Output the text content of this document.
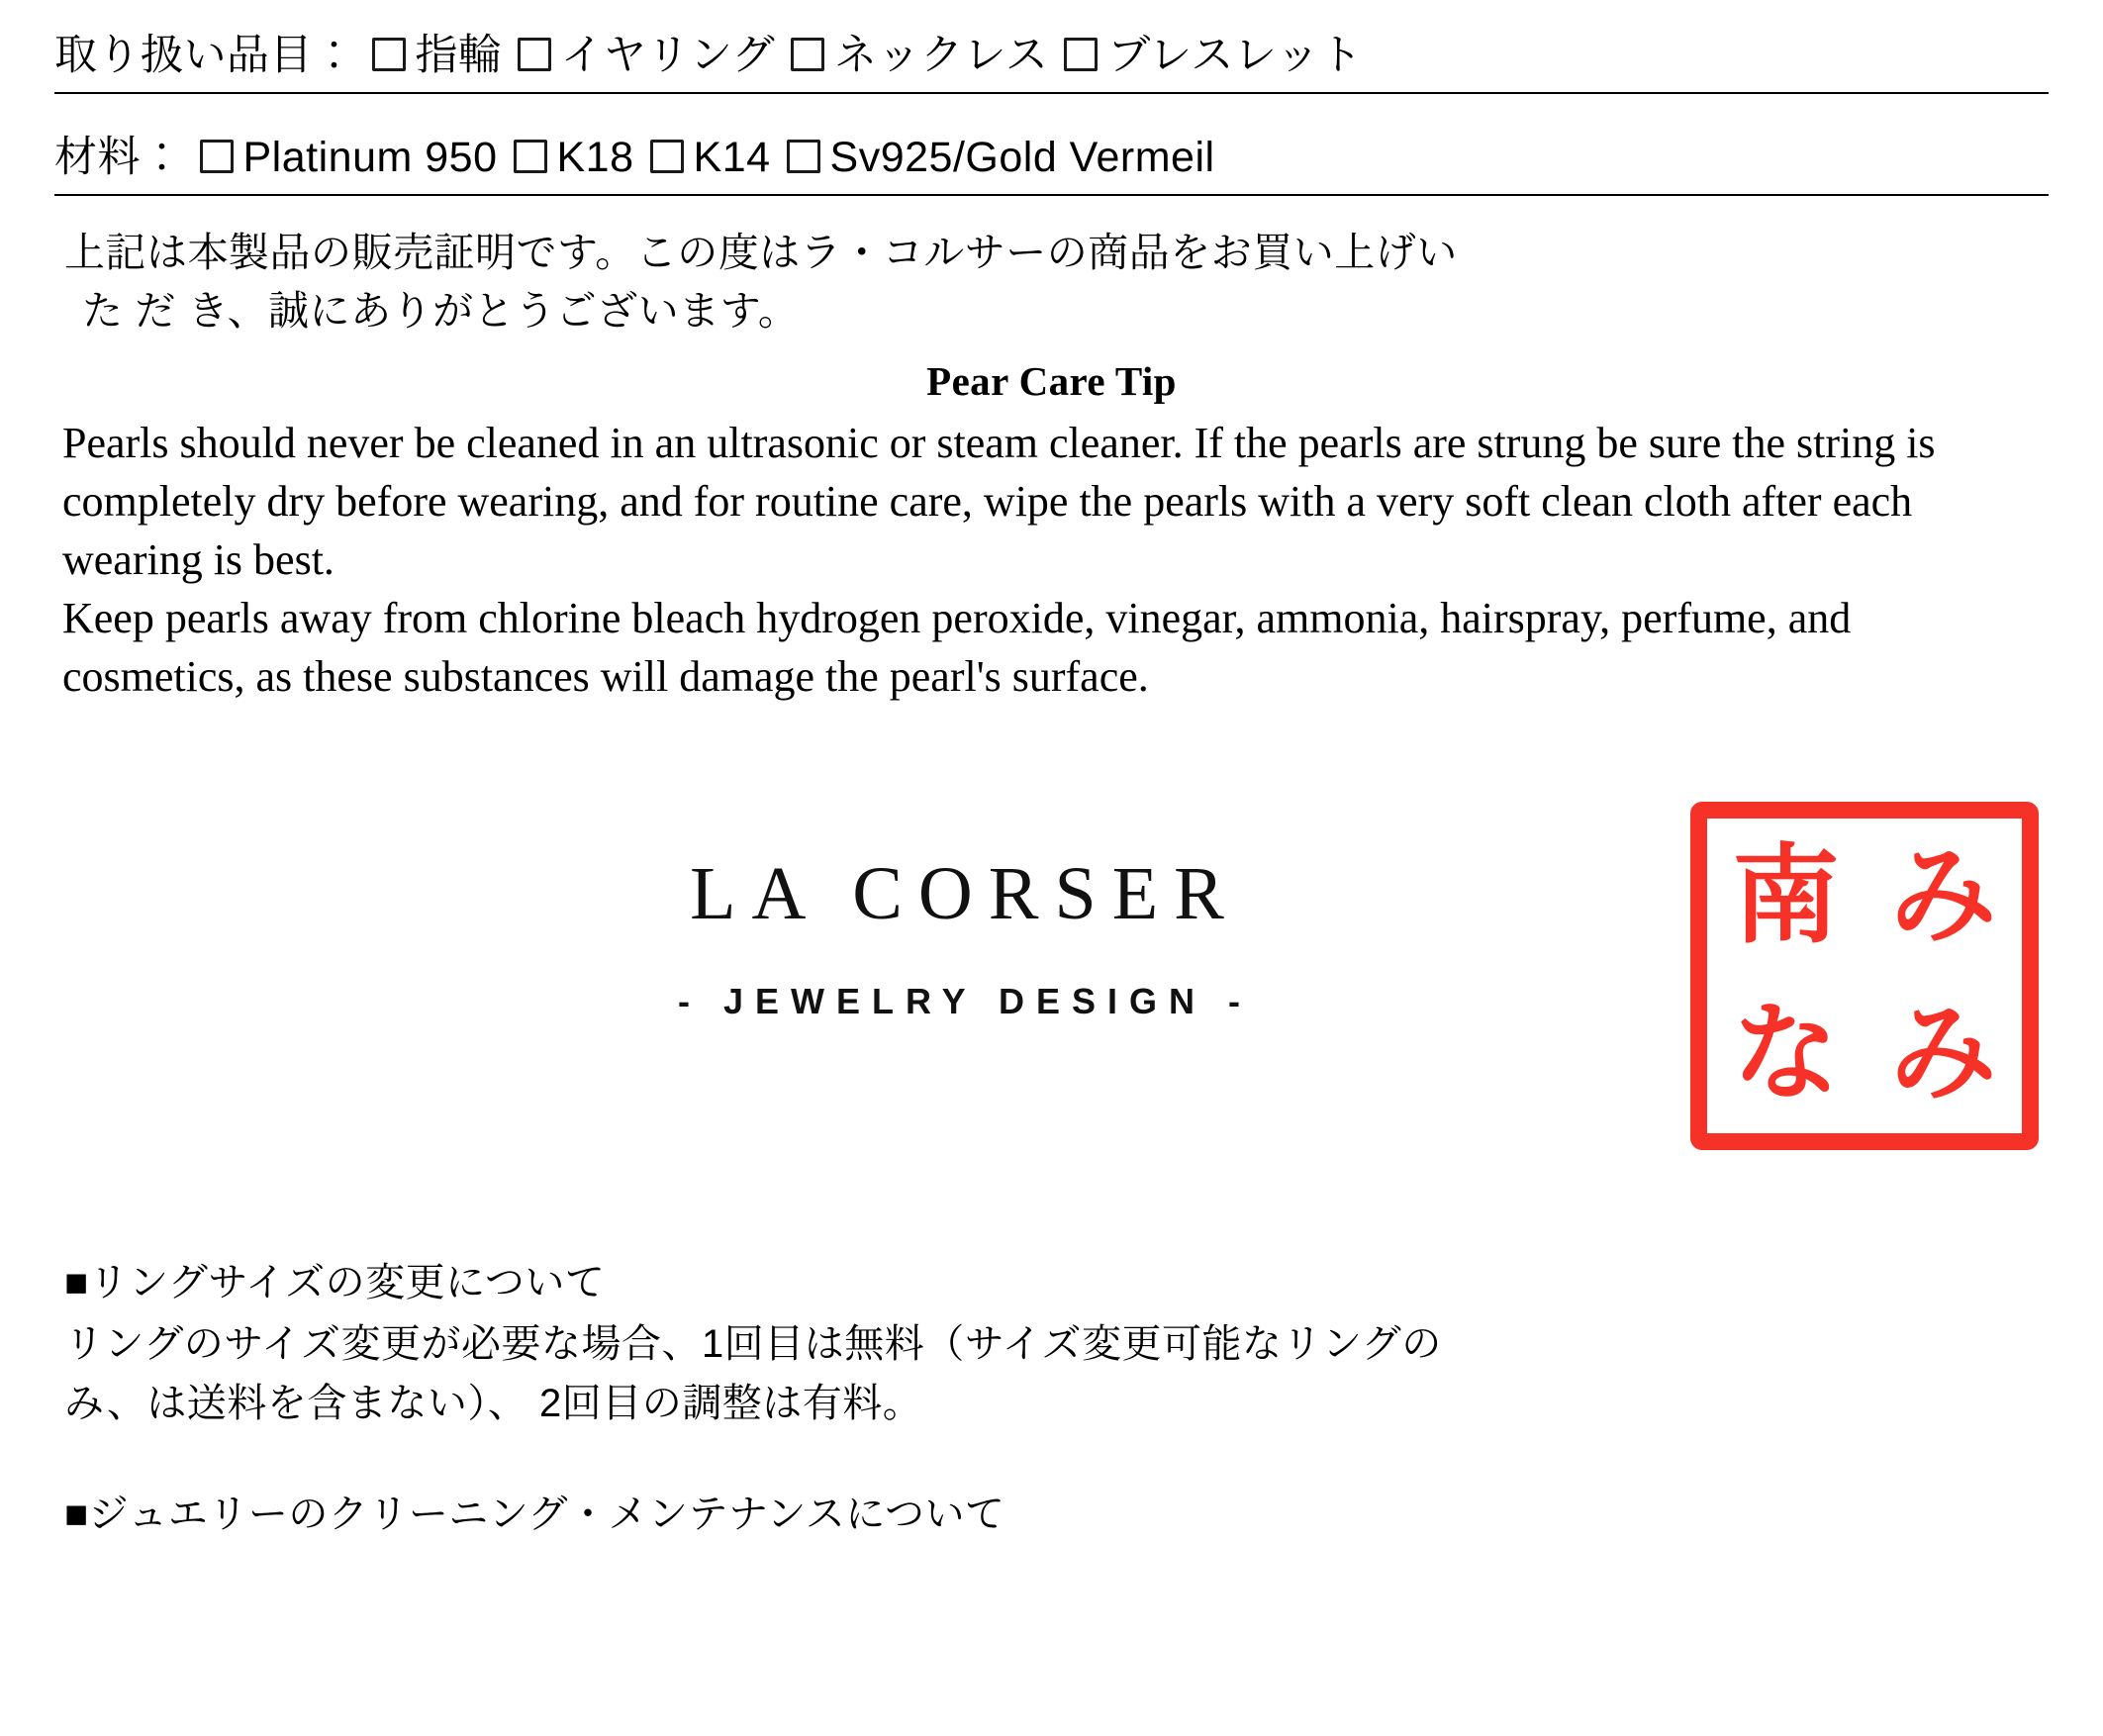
取り扱い品目： 指輪 イヤリング ネックレス ブレスレット
材料： Platinum 950 K18 K14 Sv925/Gold Vermeil
上記は本製品の販売証明です。この度はラ・コルサーの商品をお買い上げい
た だ き、誠にありがとうございます。
Pear Care Tip

Pearls should never be cleaned in an ultrasonic or steam cleaner. If the pearls are strung be sure the string is completely dry before wearing, and for routine care, wipe the pearls with a very soft clean cloth after each wearing is best.

Keep pearls away from chlorine bleach hydrogen peroxide, vinegar, ammonia, hairspray, perfume, and cosmetics, as these substances will damage the pearl's surface.

LA CORSER
- JEWELRY DESIGN -
南 み
な み

■リングサイズの変更について

リングのサイズ変更が必要な場合、1回目は無料（サイズ変更可能なリングの

み、は送料を含まない）、 2回目の調整は有料。

■ジュエリーのクリーニング・メンテナンスについて
